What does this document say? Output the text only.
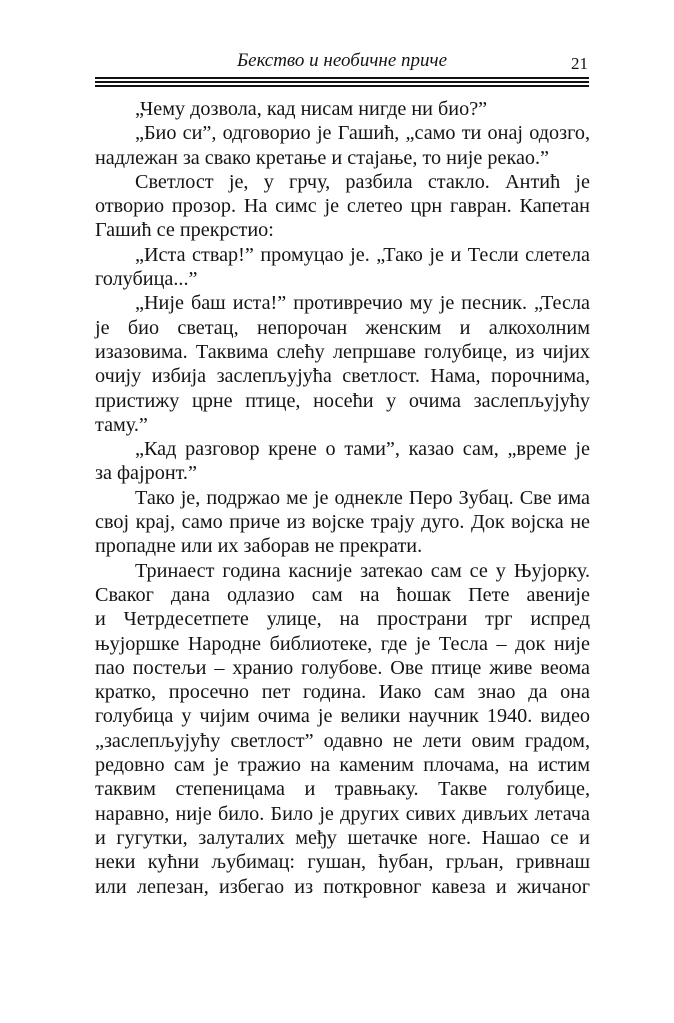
Бекство и необичне приче	21
„Чему дозвола, кад нисам нигде ни био?”
„Био си”, одговорио је Гашић, „само ти онај одозго,
надлежан за свако кретање и стајање, то није рекао.”
Светлост је, у грчу, разбила стакло. Антић је
отворио прозор. На симс је слетео црн гавран. Капетан
Гашић се прекрстио:
„Иста ствар!” промуцао је. „Тако је и Тесли слетела
голубица...”
„Није баш иста!” противречио му је песник. „Тесла
је био светац, непорочан женским и алкохолним
изазовима. Таквима слећу лепршаве голубице, из чијих
очију избија заслепљујућа светлост. Нама, порочнима,
пристижу црне птице, носећи у очима заслепљујућу
таму.”
„Кад разговор крене о тами”, казао сам, „време је
за фајронт.”
Тако је, подржао ме је однекле Перо Зубац. Све има
свој крај, само приче из војске трају дуго. Док војска не
пропадне или их заборав не прекрати.
Тринаест година касније затекао сам се у Њујорку.
Сваког дана одлазио сам на ћошак Пете авеније
и Четрдесетпете улице, на пространи трг испред
њујоршке Народне библиотеке, где је Тесла – док није
пао постељи – хранио голубове. Ове птице живе веома
кратко, просечно пет година. Иако сам знао да она
голубица у чијим очима је велики научник 1940. видео
„заслепљујућу светлост” одавно не лети овим градом,
редовно сам је тражио на каменим плочама, на истим
таквим степеницама и травњаку. Такве голубице,
наравно, није било. Било је других сивих дивљих летача
и гугутки, залуталих међу шетачке ноге. Нашао се и
неки кућни љубимац: гушан, ћубан, грљан, гривнаш
или лепезан, избегао из поткровног кавеза и жичаног
